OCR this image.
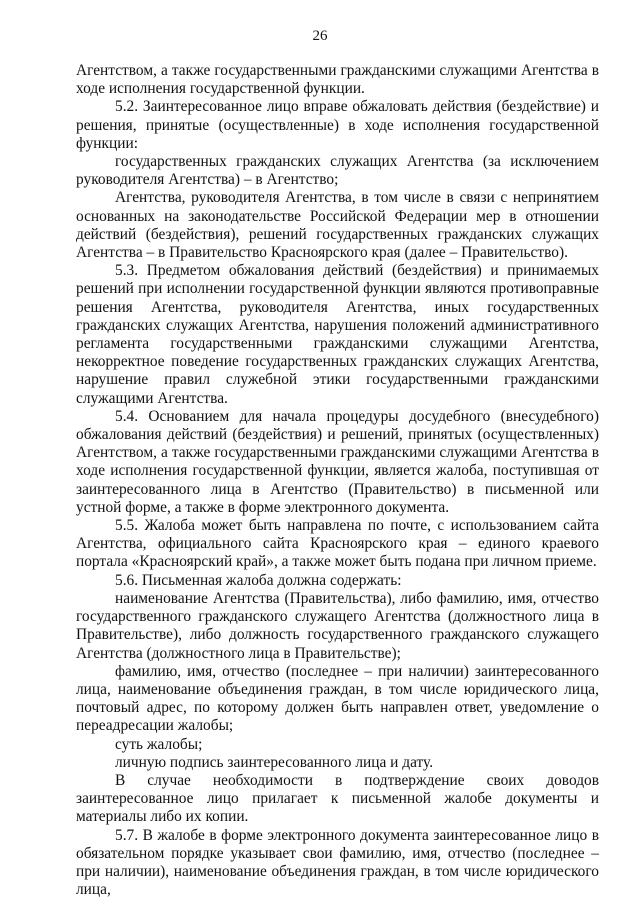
26

Агентством, а также государственными гражданскими служащими Агентства в ходе исполнения государственной функции.

5.2. Заинтересованное лицо вправе обжаловать действия (бездействие) и решения, принятые (осуществленные) в ходе исполнения государственной функции:

государственных гражданских служащих Агентства (за исключением руководителя Агентства) – в Агентство;

Агентства, руководителя Агентства, в том числе в связи с непринятием основанных на законодательстве Российской Федерации мер в отношении действий (бездействия), решений государственных гражданских служащих Агентства – в Правительство Красноярского края (далее – Правительство).

5.3. Предметом обжалования действий (бездействия) и принимаемых решений при исполнении государственной функции являются противоправные решения Агентства, руководителя Агентства, иных государственных гражданских служащих Агентства, нарушения положений административного регламента государственными гражданскими служащими Агентства, некорректное поведение государственных гражданских служащих Агентства, нарушение правил служебной этики государственными гражданскими служащими Агентства.

5.4. Основанием для начала процедуры досудебного (внесудебного) обжалования действий (бездействия) и решений, принятых (осуществленных) Агентством, а также государственными гражданскими служащими Агентства в ходе исполнения государственной функции, является жалоба, поступившая от заинтересованного лица в Агентство (Правительство) в письменной или устной форме, а также в форме электронного документа.

5.5. Жалоба может быть направлена по почте, с использованием сайта Агентства, официального сайта Красноярского края – единого краевого портала «Красноярский край», а также может быть подана при личном приеме.

5.6. Письменная жалоба должна содержать:

наименование Агентства (Правительства), либо фамилию, имя, отчество государственного гражданского служащего Агентства (должностного лица в Правительстве), либо должность государственного гражданского служащего Агентства (должностного лица в Правительстве);

фамилию, имя, отчество (последнее – при наличии) заинтересованного лица, наименование объединения граждан, в том числе юридического лица, почтовый адрес, по которому должен быть направлен ответ, уведомление о переадресации жалобы;

суть жалобы;

личную подпись заинтересованного лица и дату.

В случае необходимости в подтверждение своих доводов заинтересованное лицо прилагает к письменной жалобе документы и материалы либо их копии.

5.7. В жалобе в форме электронного документа заинтересованное лицо в обязательном порядке указывает свои фамилию, имя, отчество (последнее – при наличии), наименование объединения граждан, в том числе юридического лица,
